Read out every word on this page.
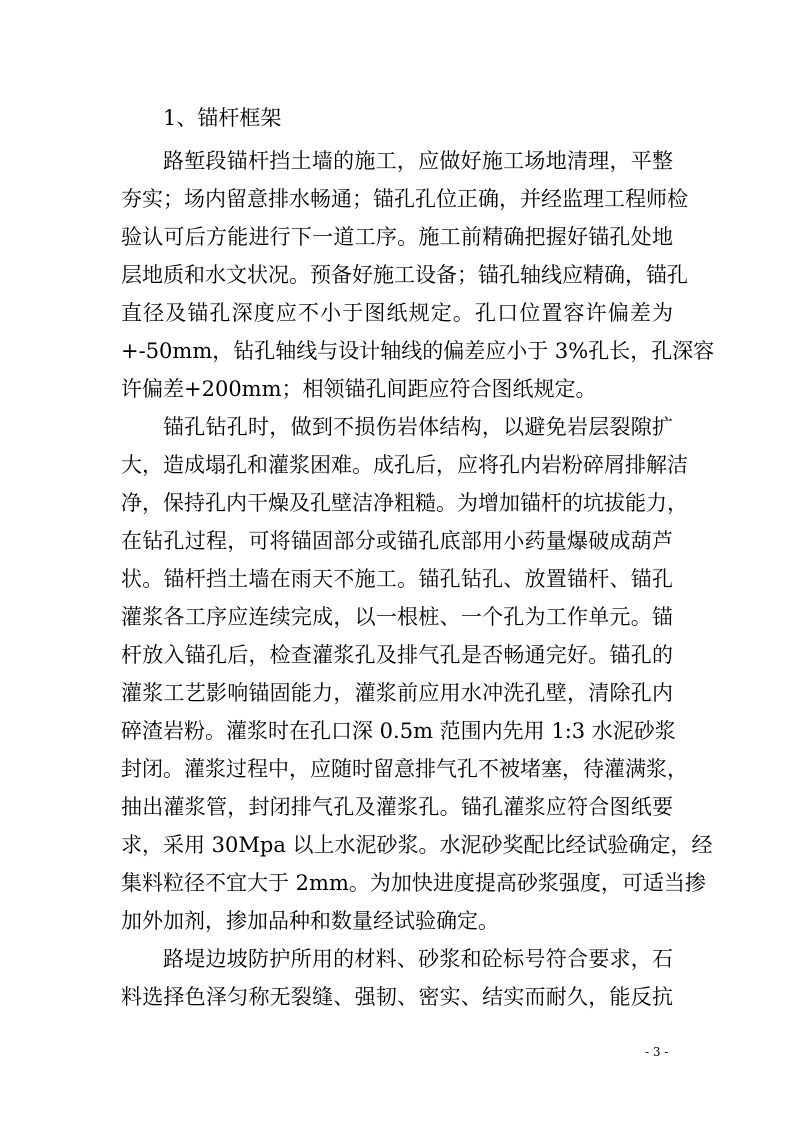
1、锚杆框架
路堑段锚杆挡土墙的施工，应做好施工场地清理，平整
夯实；场内留意排水畅通；锚孔孔位正确，并经监理工程师检
验认可后方能进行下一道工序。施工前精确把握好锚孔处地
层地质和水文状况。预备好施工设备；锚孔轴线应精确，锚孔
直径及锚孔深度应不小于图纸规定。孔口位置容许偏差为
+-50mm，钻孔轴线与设计轴线的偏差应小于 3%孔长，孔深容
许偏差+200mm；相领锚孔间距应符合图纸规定。
锚孔钻孔时，做到不损伤岩体结构，以避免岩层裂隙扩
大，造成塌孔和灌浆困难。成孔后，应将孔内岩粉碎屑排解洁
净，保持孔内干燥及孔壁洁净粗糙。为增加锚杆的坑拔能力，
在钻孔过程，可将锚固部分或锚孔底部用小药量爆破成葫芦
状。锚杆挡土墙在雨天不施工。锚孔钻孔、放置锚杆、锚孔
灌浆各工序应连续完成，以一根桩、一个孔为工作单元。锚
杆放入锚孔后，检查灌浆孔及排气孔是否畅通完好。锚孔的
灌浆工艺影响锚固能力，灌浆前应用水冲洗孔壁，清除孔内
碎渣岩粉。灌浆时在孔口深 0.5m 范围内先用 1:3 水泥砂浆
封闭。灌浆过程中，应随时留意排气孔不被堵塞，待灌满浆，
抽出灌浆管，封闭排气孔及灌浆孔。锚孔灌浆应符合图纸要
求，采用 30Mpa 以上水泥砂浆。水泥砂奖配比经试验确定，经
集料粒径不宜大于 2mm。为加快进度提高砂浆强度，可适当掺
加外加剂，掺加品种和数量经试验确定。
路堤边坡防护所用的材料、砂浆和砼标号符合要求，石
料选择色泽匀称无裂缝、强韧、密实、结实而耐久，能反抗
- 3 -
